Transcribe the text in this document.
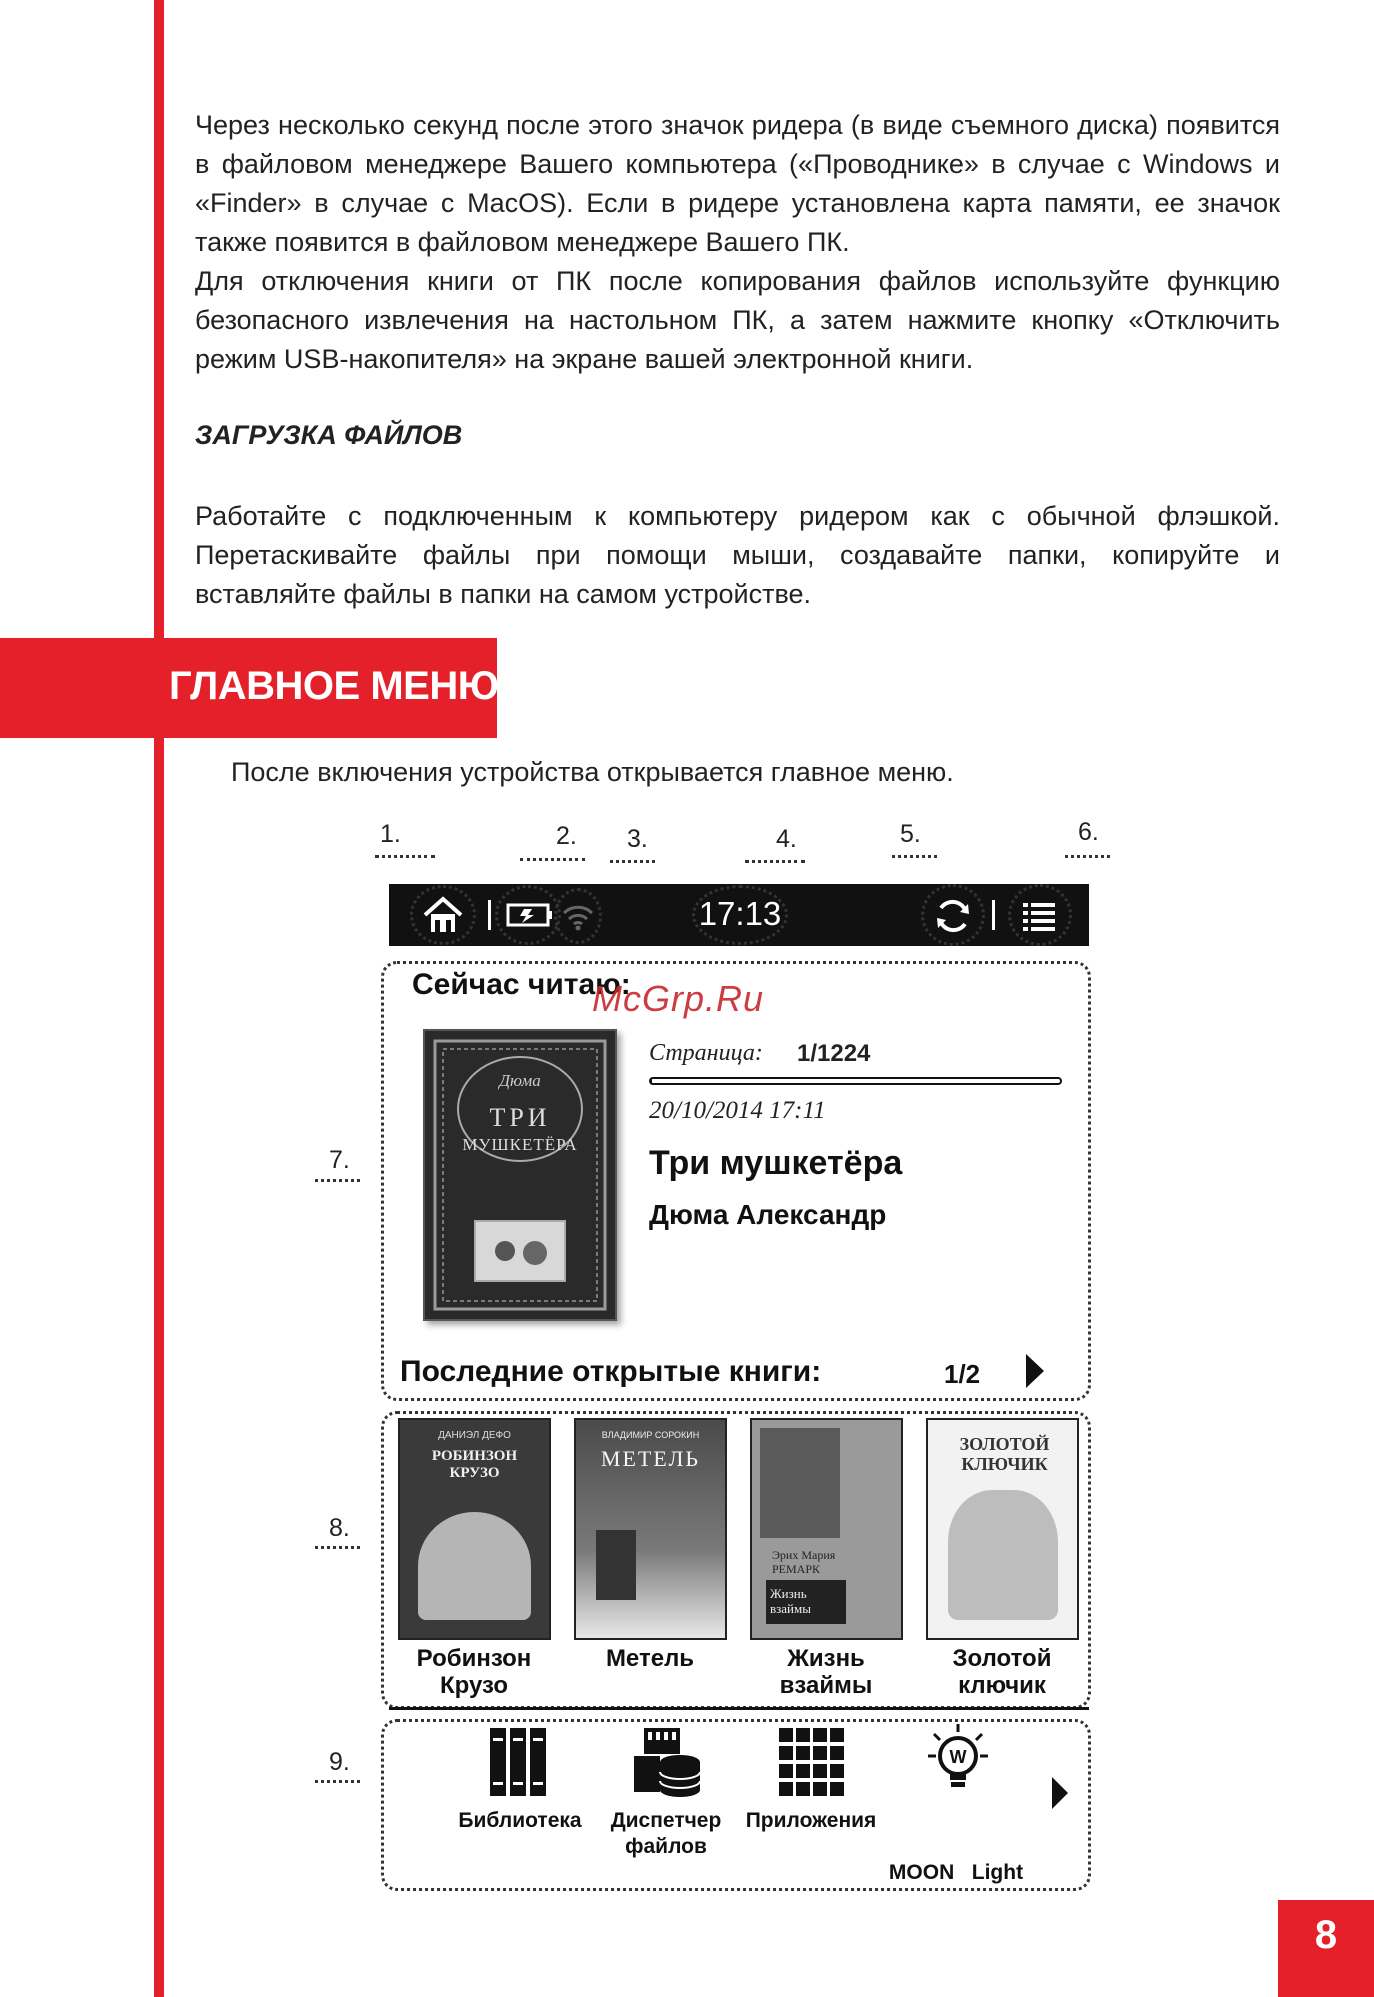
Через несколько секунд после этого значок ридера (в виде съемного диска) появится в файловом менеджере Вашего компьютера («Проводнике» в случае с Windows и «Finder» в случае с MacOS). Если в ридере установлена карта памяти, ее значок также появится в файловом менеджере Вашего ПК.

Для отключения книги от ПК после копирования файлов используйте функцию безопасного извлечения на настольном ПК, а затем нажмите кнопку «Отключить режим USB-накопителя» на экране вашей электронной книги.

ЗАГРУЗКА ФАЙЛОВ

Работайте с подключенным к компьютеру ридером как с обычной флэшкой. Перетаскивайте файлы при помощи мыши, создавайте папки, копируйте и вставляйте файлы в папки на самом устройстве.

ГЛАВНОЕ МЕНЮ
После включения устройства открывается главное меню.
1.	2. 3.	4.	5.	6.
7.
8.
9.
17:13
Сейчас читаю:
McGrp.Ru
Дюма
ТРИ
МУШКЕТЁРА
Страница: 1/1224
20/10/2014 17:11
Три мушкетёра
Дюма Александр
Последние открытые книги:	1/2
ДАНИЭЛ ДЕФО
РОБИНЗОН КРУЗО
ВЛАДИМИР СОРОКИН
МЕТЕЛЬ
Эрих Мария РЕМАРК
Жизнь взаймы
ЗОЛОТОЙ КЛЮЧИК
Робинзон
Крузо
Метель	Жизнь
взаймы
Золотой
ключик
W
Библиотека	Диспетчер
файлов
Приложения

MOON   Light

8
